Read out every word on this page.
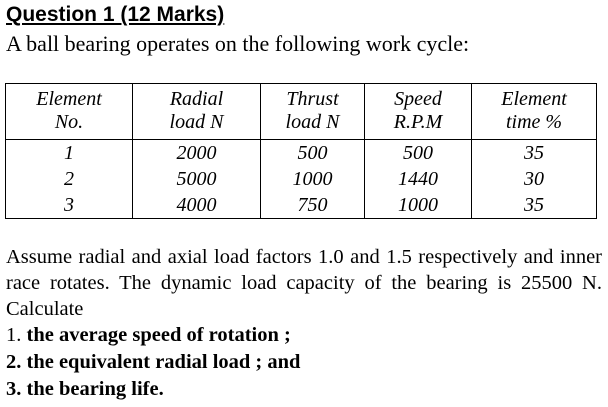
Question 1 (12 Marks)
A ball bearing operates on the following work cycle:
Element	Radial	Thrust	Speed	Element
No.	load N	load N	R.P.M	time %
1	2000	500	500	35
2	5000	1000	1440	30
3	4000	750	1000	35
Assume radial and axial load factors 1.0 and 1.5 respectively and inner race rotates. The dynamic load capacity of the bearing is 25500 N. Calculate
1. the average speed of rotation ;
2. the equivalent radial load ; and
3. the bearing life.
